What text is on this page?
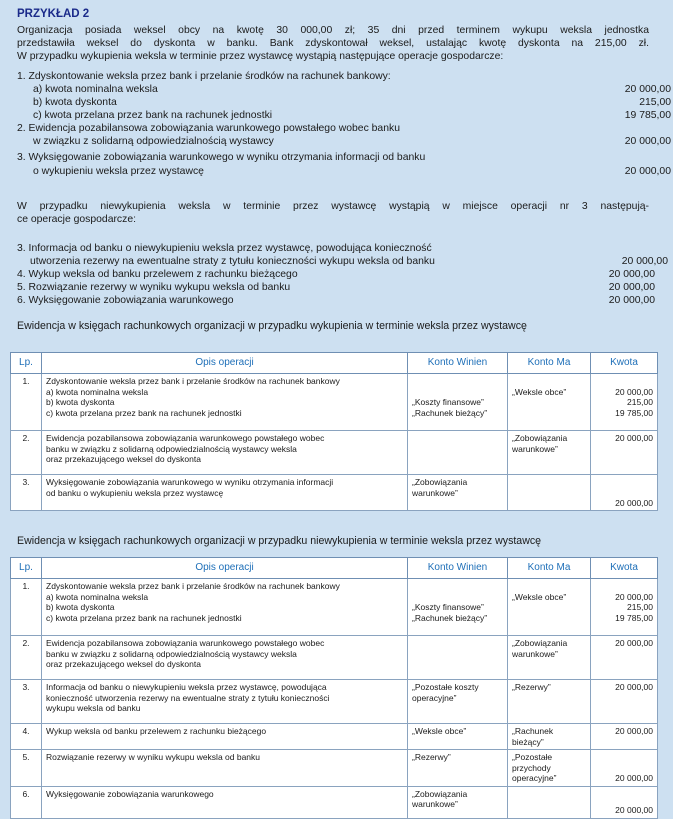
PRZYKŁAD 2
Organizacja posiada weksel obcy na kwotę 30 000,00 zł; 35 dni przed terminem wykupu weksla jednostka
przedstawiła weksel do dyskonta w banku. Bank zdyskontował weksel, ustalając kwotę dyskonta na 215,00 zł.
W przypadku wykupienia weksla w terminie przez wystawcę wystąpią następujące operacje gospodarcze:
1. Zdyskontowanie weksla przez bank i przelanie środków na rachunek bankowy:
a) kwota nominalna weksla	20 000,00
b) kwota dyskonta	215,00
c) kwota przelana przez bank na rachunek jednostki	19 785,00
2. Ewidencja pozabilansowa zobowiązania warunkowego powstałego wobec banku
w związku z solidarną odpowiedzialnością wystawcy	20 000,00
3. Wyksięgowanie zobowiązania warunkowego w wyniku otrzymania informacji od banku
o wykupieniu weksla przez wystawcę	20 000,00
W przypadku niewykupienia weksla w terminie przez wystawcę wystąpią w miejsce operacji nr 3 następują-
ce operacje gospodarcze:
3. Informacja od banku o niewykupieniu weksla przez wystawcę, powodująca konieczność
utworzenia rezerwy na ewentualne straty z tytułu konieczności wykupu weksla od banku	20 000,00
4. Wykup weksla od banku przelewem z rachunku bieżącego	20 000,00
5. Rozwiązanie rezerwy w wyniku wykupu weksla od banku	20 000,00
6. Wyksięgowanie zobowiązania warunkowego	20 000,00
Ewidencja w księgach rachunkowych organizacji w przypadku wykupienia w terminie weksla przez wystawcę
Lp.	Opis operacji	Konto Winien	Konto Ma	Kwota
1.	Zdyskontowanie weksla przez bank i przelanie środków na rachunek bankowy
a) kwota nominalna weksla
b) kwota dyskonta
c) kwota przelana przez bank na rachunek jednostki	„Koszty finansowe”
„Rachunek bieżący”	„Weksle obce”	20 000,00
215,00
19 785,00

2.	Ewidencja pozabilansowa zobowiązania warunkowego powstałego wobec
banku w związku z solidarną odpowiedzialnością wystawcy weksla
oraz przekazującego weksel do dyskonta		„Zobowiązania
warunkowe”	20 000,00

3.	Wyksięgowanie zobowiązania warunkowego w wyniku otrzymania informacji
od banku o wykupieniu weksla przez wystawcę	„Zobowiązania
warunkowe”		20 000,00
Ewidencja w księgach rachunkowych organizacji w przypadku niewykupienia w terminie weksla przez wystawcę
Lp.	Opis operacji	Konto Winien	Konto Ma	Kwota
1.	Zdyskontowanie weksla przez bank i przelanie środków na rachunek bankowy
a) kwota nominalna weksla
b) kwota dyskonta
c) kwota przelana przez bank na rachunek jednostki	„Koszty finansowe”
„Rachunek bieżący”	„Weksle obce”	20 000,00
215,00
19 785,00

2.	Ewidencja pozabilansowa zobowiązania warunkowego powstałego wobec
banku w związku z solidarną odpowiedzialnością wystawcy weksla
oraz przekazującego weksel do dyskonta		„Zobowiązania
warunkowe”	20 000,00

3.	Informacja od banku o niewykupieniu weksla przez wystawcę, powodująca
konieczność utworzenia rezerwy na ewentualne straty z tytułu konieczności
wykupu weksla od banku	„Pozostałe koszty
operacyjne”	„Rezerwy”	20 000,00

4.	Wykup weksla od banku przelewem z rachunku bieżącego	„Weksle obce”	„Rachunek bieżący”	20 000,00

5.	Rozwiązanie rezerwy w wyniku wykupu weksla od banku	„Rezerwy”	„Pozostałe przychody
operacyjne”	20 000,00

6.	Wyksięgowanie zobowiązania warunkowego	„Zobowiązania
warunkowe”		20 000,00
